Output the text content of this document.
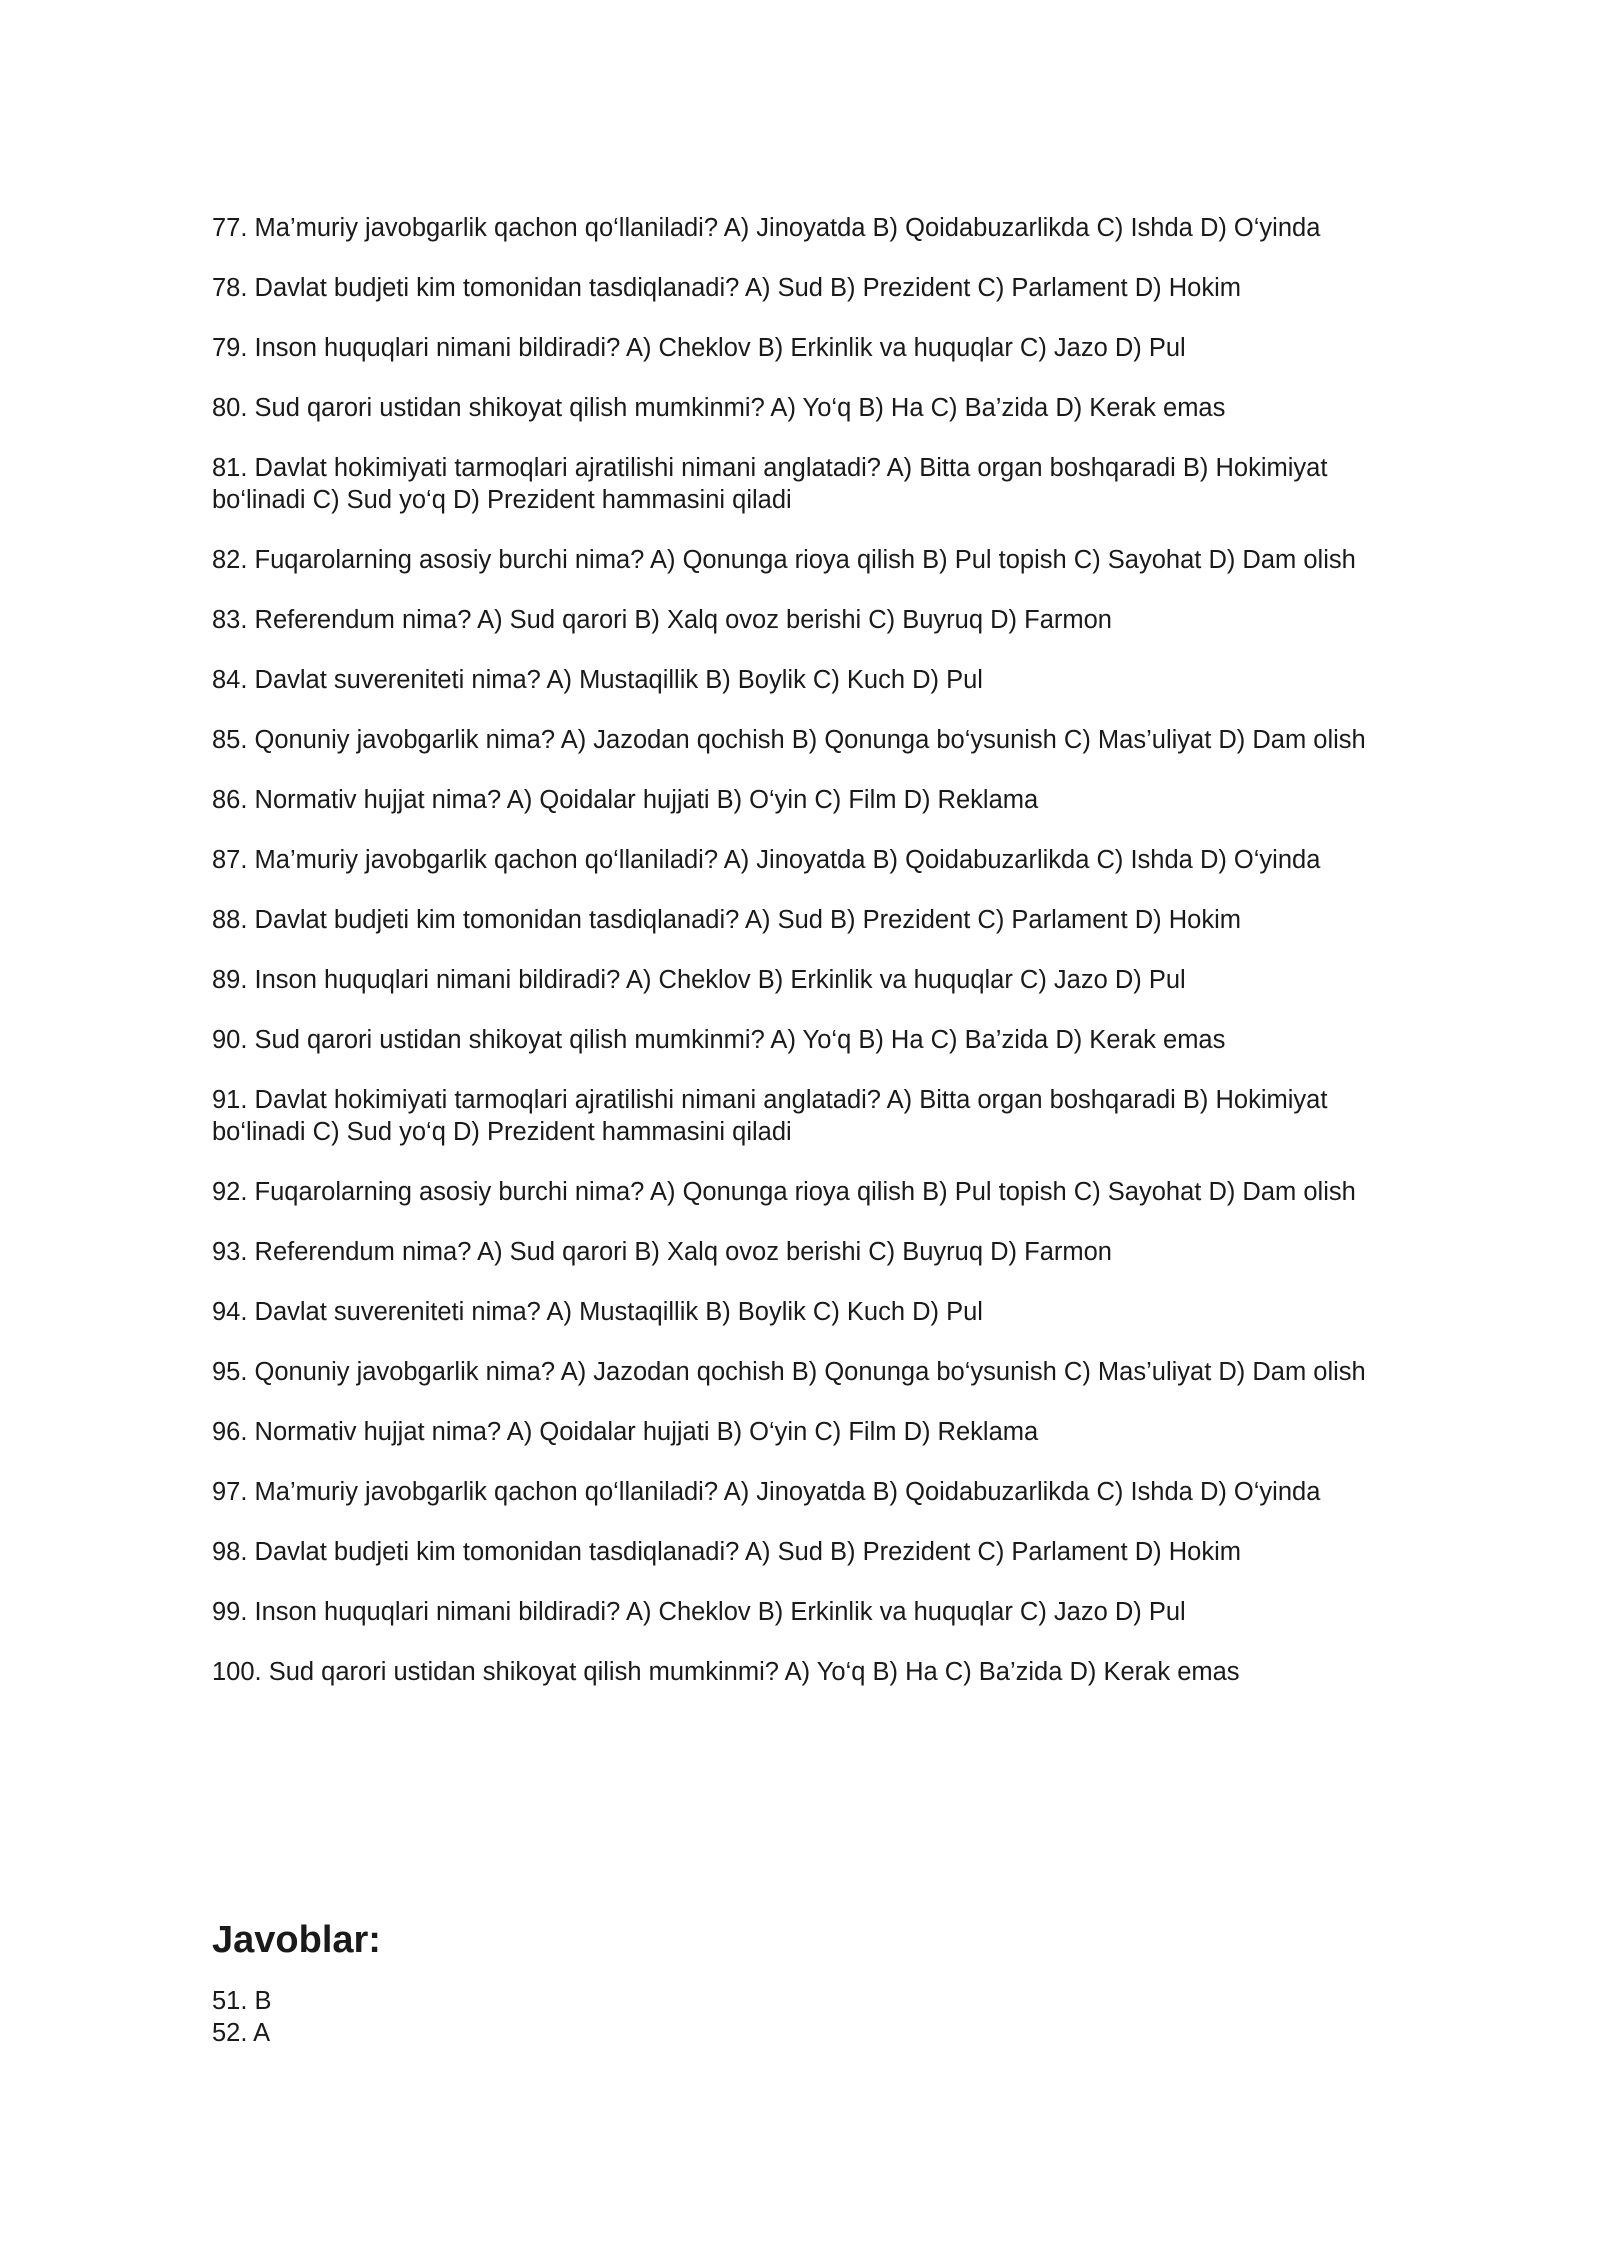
77. Ma’muriy javobgarlik qachon qo‘llaniladi? A) Jinoyatda B) Qoidabuzarlikda C) Ishda D) O‘yinda

78. Davlat budjeti kim tomonidan tasdiqlanadi? A) Sud B) Prezident C) Parlament D) Hokim

79. Inson huquqlari nimani bildiradi? A) Cheklov B) Erkinlik va huquqlar C) Jazo D) Pul

80. Sud qarori ustidan shikoyat qilish mumkinmi? A) Yo‘q B) Ha C) Ba’zida D) Kerak emas

81. Davlat hokimiyati tarmoqlari ajratilishi nimani anglatadi? A) Bitta organ boshqaradi B) Hokimiyat bo‘linadi C) Sud yo‘q D) Prezident hammasini qiladi

82. Fuqarolarning asosiy burchi nima? A) Qonunga rioya qilish B) Pul topish C) Sayohat D) Dam olish

83. Referendum nima? A) Sud qarori B) Xalq ovoz berishi C) Buyruq D) Farmon

84. Davlat suvereniteti nima? A) Mustaqillik B) Boylik C) Kuch D) Pul

85. Qonuniy javobgarlik nima? A) Jazodan qochish B) Qonunga bo‘ysunish C) Mas’uliyat D) Dam olish

86. Normativ hujjat nima? A) Qoidalar hujjati B) O‘yin C) Film D) Reklama

87. Ma’muriy javobgarlik qachon qo‘llaniladi? A) Jinoyatda B) Qoidabuzarlikda C) Ishda D) O‘yinda

88. Davlat budjeti kim tomonidan tasdiqlanadi? A) Sud B) Prezident C) Parlament D) Hokim

89. Inson huquqlari nimani bildiradi? A) Cheklov B) Erkinlik va huquqlar C) Jazo D) Pul

90. Sud qarori ustidan shikoyat qilish mumkinmi? A) Yo‘q B) Ha C) Ba’zida D) Kerak emas

91. Davlat hokimiyati tarmoqlari ajratilishi nimani anglatadi? A) Bitta organ boshqaradi B) Hokimiyat bo‘linadi C) Sud yo‘q D) Prezident hammasini qiladi

92. Fuqarolarning asosiy burchi nima? A) Qonunga rioya qilish B) Pul topish C) Sayohat D) Dam olish

93. Referendum nima? A) Sud qarori B) Xalq ovoz berishi C) Buyruq D) Farmon

94. Davlat suvereniteti nima? A) Mustaqillik B) Boylik C) Kuch D) Pul

95. Qonuniy javobgarlik nima? A) Jazodan qochish B) Qonunga bo‘ysunish C) Mas’uliyat D) Dam olish

96. Normativ hujjat nima? A) Qoidalar hujjati B) O‘yin C) Film D) Reklama

97. Ma’muriy javobgarlik qachon qo‘llaniladi? A) Jinoyatda B) Qoidabuzarlikda C) Ishda D) O‘yinda

98. Davlat budjeti kim tomonidan tasdiqlanadi? A) Sud B) Prezident C) Parlament D) Hokim

99. Inson huquqlari nimani bildiradi? A) Cheklov B) Erkinlik va huquqlar C) Jazo D) Pul

100. Sud qarori ustidan shikoyat qilish mumkinmi? A) Yo‘q B) Ha C) Ba’zida D) Kerak emas

Javoblar:

51. B

52. A
